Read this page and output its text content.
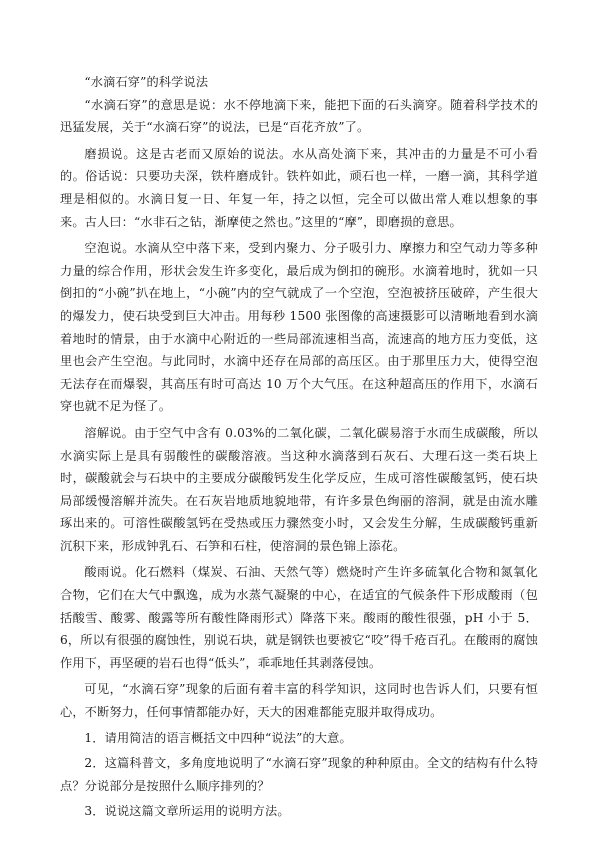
“水滴石穿”的科学说法

“水滴石穿”的意思是说：水不停地滴下来，能把下面的石头滴穿。随着科学技术的迅猛发展，关于“水滴石穿”的说法，已是“百花齐放”了。

磨损说。这是古老而又原始的说法。水从高处滴下来，其冲击的力量是不可小看的。俗话说：只要功夫深，铁杵磨成针。铁杵如此，顽石也一样，一磨一滴，其科学道理是相似的。水滴日复一日、年复一年，持之以恒，完全可以做出常人难以想象的事来。古人曰：“水非石之钻，渐摩使之然也。”这里的“摩”，即磨损的意思。

空泡说。水滴从空中落下来，受到内聚力、分子吸引力、摩擦力和空气动力等多种力量的综合作用，形状会发生许多变化，最后成为倒扣的碗形。水滴着地时，犹如一只倒扣的“小碗”扒在地上，“小碗”内的空气就成了一个空泡，空泡被挤压破碎，产生很大的爆发力，使石块受到巨大冲击。用每秒 1500 张图像的高速摄影可以清晰地看到水滴着地时的情景，由于水滴中心附近的一些局部流速相当高，流速高的地方压力变低，这里也会产生空泡。与此同时，水滴中还存在局部的高压区。由于那里压力大，使得空泡无法存在而爆裂，其高压有时可高达 10 万个大气压。在这种超高压的作用下，水滴石穿也就不足为怪了。

溶解说。由于空气中含有 0.03%的二氧化碳，二氧化碳易溶于水而生成碳酸，所以水滴实际上是具有弱酸性的碳酸溶液。当这种水滴落到石灰石、大理石这一类石块上时，碳酸就会与石块中的主要成分碳酸钙发生化学反应，生成可溶性碳酸氢钙，使石块局部缓慢溶解并流失。在石灰岩地质地貌地带，有许多景色绚丽的溶洞，就是由流水雕琢出来的。可溶性碳酸氢钙在受热或压力骤然变小时，又会发生分解，生成碳酸钙重新沉积下来，形成钟乳石、石笋和石柱，使溶洞的景色锦上添花。

酸雨说。化石燃料（煤炭、石油、天然气等）燃烧时产生许多硫氧化合物和氮氧化合物，它们在大气中飘逸，成为水蒸气凝聚的中心，在适宜的气候条件下形成酸雨（包括酸雪、酸雾、酸露等所有酸性降雨形式）降落下来。酸雨的酸性很强，pH 小于 5．6，所以有很强的腐蚀性，别说石块，就是钢铁也要被它“咬”得千疮百孔。在酸雨的腐蚀作用下，再坚硬的岩石也得“低头”，乖乖地任其剥落侵蚀。

可见，“水滴石穿”现象的后面有着丰富的科学知识，这同时也告诉人们，只要有恒心，不断努力，任何事情都能办好，天大的困难都能克服并取得成功。

1．请用简洁的语言概括文中四种“说法”的大意。

2．这篇科普文，多角度地说明了“水滴石穿”现象的种种原由。全文的结构有什么特点？分说部分是按照什么顺序排列的？

3．说说这篇文章所运用的说明方法。
